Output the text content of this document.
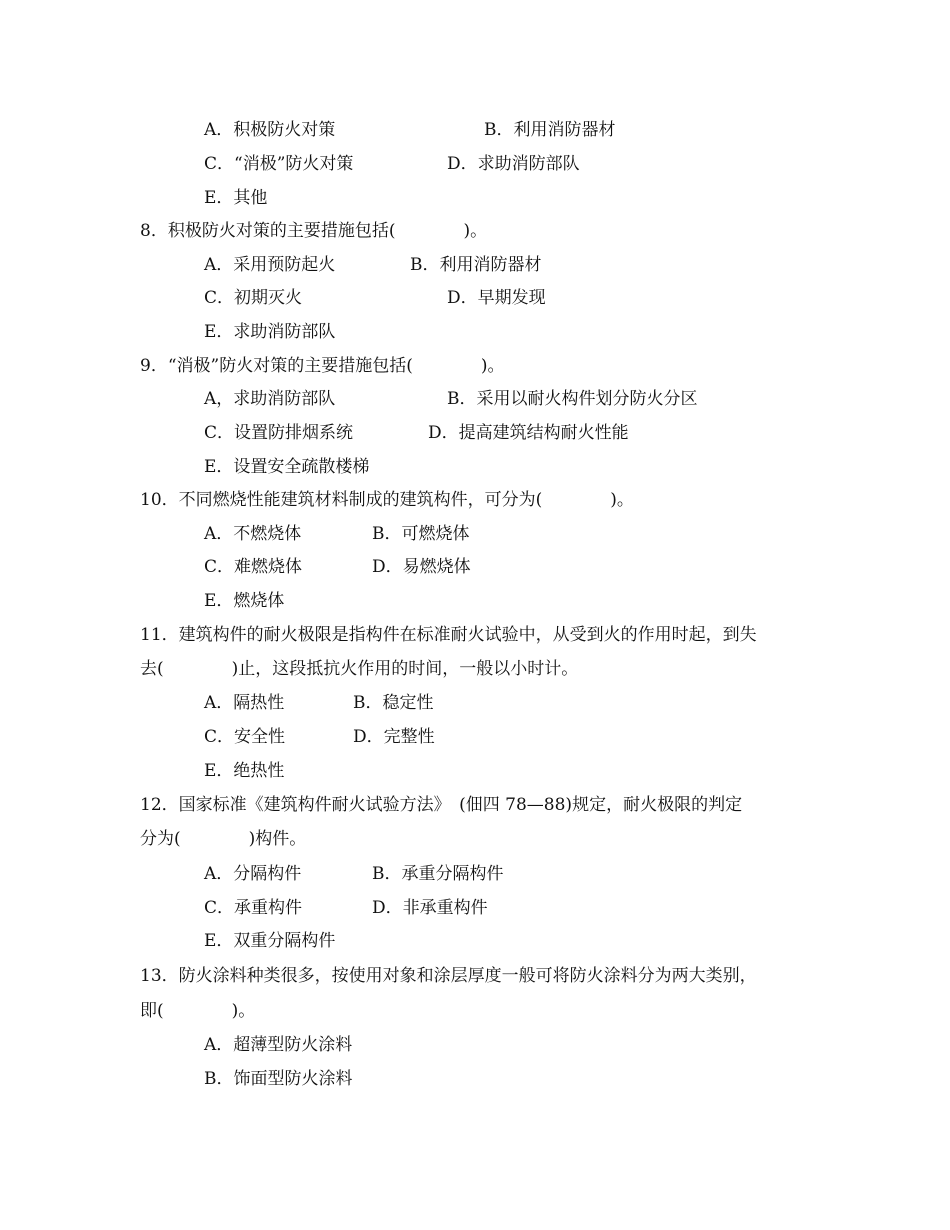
A．积极防火对策	B．利用消防器材
C．“消极”防火对策	D．求助消防部队
E．其他
8．积极防火对策的主要措施包括(　　　　)。
A．采用预防起火	B．利用消防器材
C．初期灭火	D．早期发现
E．求助消防部队
9．“消极”防火对策的主要措施包括(　　　　)。
A，求助消防部队	B．采用以耐火构件划分防火分区
C．设置防排烟系统	D．提高建筑结构耐火性能
E．设置安全疏散楼梯
10．不同燃烧性能建筑材料制成的建筑构件，可分为(　　　　)。
A．不燃烧体	B．可燃烧体
C．难燃烧体	D．易燃烧体
E．燃烧体
11．建筑构件的耐火极限是指构件在标准耐火试验中，从受到火的作用时起，到失
去(　　　　)止，这段抵抗火作用的时间，一般以小时计。
A．隔热性	B．稳定性
C．安全性	D．完整性
E．绝热性
12．国家标准《建筑构件耐火试验方法》　(佃四 78—88)规定，耐火极限的判定
分为(　　　　)构件。
A．分隔构件	B．承重分隔构件
C．承重构件	D．非承重构件
E．双重分隔构件
13．防火涂料种类很多，按使用对象和涂层厚度一般可将防火涂料分为两大类别，
即(　　　　)。
A．超薄型防火涂料
B．饰面型防火涂料
